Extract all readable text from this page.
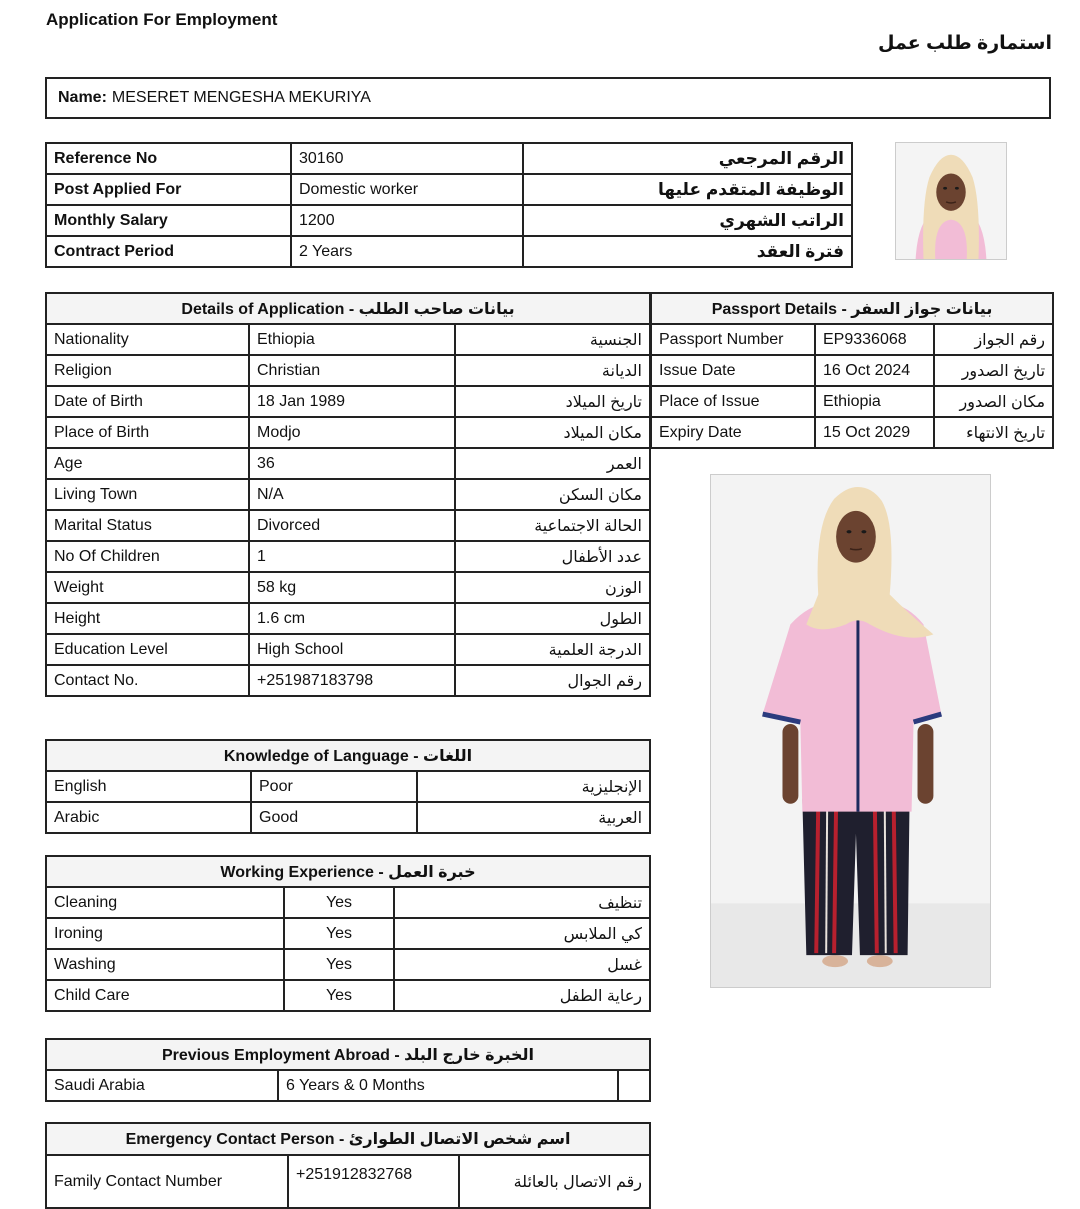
Application For Employment
استمارة طلب عمل
Name: MESERET MENGESHA MEKURIYA
Reference No	30160	الرقم المرجعي
Post Applied For	Domestic worker	الوظيفة المتقدم عليها
Monthly Salary	1200	الراتب الشهري
Contract Period	2 Years	فترة العقد
Details of Application - بيانات صاحب الطلب		
Nationality	Ethiopia	الجنسية
Religion	Christian	الديانة
Date of Birth	18 Jan 1989	تاريخ الميلاد
Place of Birth	Modjo	مكان الميلاد
Age	36	العمر
Living Town	N/A	مكان السكن
Marital Status	Divorced	الحالة الاجتماعية
No Of Children	1	عدد الأطفال
Weight	58 kg	الوزن
Height	1.6 cm	الطول
Education Level	High School	الدرجة العلمية
Contact No.	+251987183798	رقم الجوال
Passport Details - بيانات جواز السفر		
Passport Number	EP9336068	رقم الجواز
Issue Date	16 Oct 2024	تاريخ الصدور
Place of Issue	Ethiopia	مكان الصدور
Expiry Date	15 Oct 2029	تاريخ الانتهاء
Knowledge of Language - اللغات		
English	Poor	الإنجليزية
Arabic	Good	العربية
Working Experience - خبرة العمل		
Cleaning	Yes	تنظيف
Ironing	Yes	كي الملابس
Washing	Yes	غسل
Child Care	Yes	رعاية الطفل
Previous Employment Abroad - الخبرة خارج البلد
Saudi Arabia	6 Years & 0 Months	
Emergency Contact Person - اسم شخص الاتصال الطوارئ
Family Contact Number	+251912832768	رقم الاتصال بالعائلة
